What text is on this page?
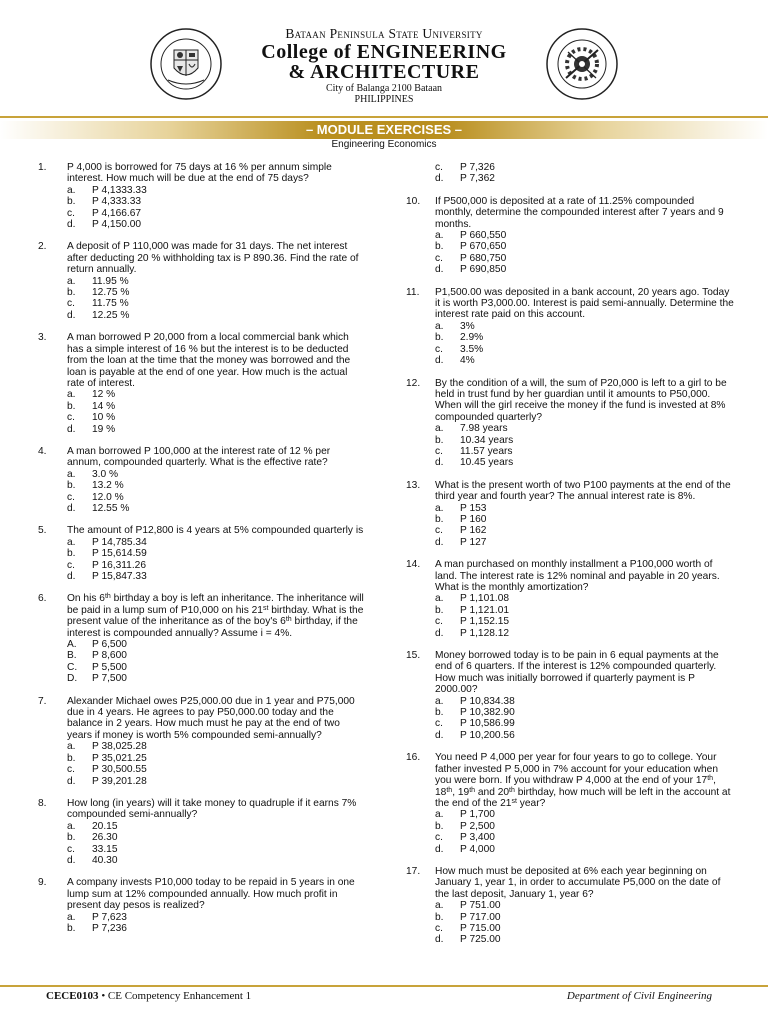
Bataan Peninsula State University
College of ENGINEERING
& ARCHITECTURE
City of Balanga 2100 Bataan
PHILIPPINES
– MODULE EXERCISES –
Engineering Economics
1.	P 4,000 is borrowed for 75 days at 16 % per annum simple interest. How much will be due at the end of 75 days?
a.	P 4,1333.33
b.	P 4,333.33
c.	P 4,166.67
d.	P 4,150.00
2.	A deposit of P 110,000 was made for 31 days. The net interest after deducting 20 % withholding tax is P 890.36. Find the rate of return annually.
a.	11.95 %
b.	12.75 %
c.	11.75 %
d.	12.25 %
3.	A man borrowed P 20,000 from a local commercial bank which has a simple interest of 16 % but the interest is to be deducted from the loan at the time that the money was borrowed and the loan is payable at the end of one year. How much is the actual rate of interest.
a.	12 %
b.	14 %
c.	10 %
d.	19 %
4.	A man borrowed P 100,000 at the interest rate of 12 % per annum, compounded quarterly. What is the effective rate?
a.	3.0 %
b.	13.2 %
c.	12.0 %
d.	12.55 %
5.	The amount of P12,800 is 4 years at 5% compounded quarterly is
a.	P 14,785.34
b.	P 15,614.59
c.	P 16,311.26
d.	P 15,847.33
6.	On his 6th birthday a boy is left an inheritance. The inheritance will be paid in a lump sum of P10,000 on his 21st birthday. What is the present value of the inheritance as of the boy's 6th birthday, if the interest is compounded annually? Assume i = 4%.
A.	P 6,500
B.	P 8,600
C.	P 5,500
D.	P 7,500
7.	Alexander Michael owes P25,000.00 due in 1 year and P75,000 due in 4 years. He agrees to pay P50,000.00 today and the balance in 2 years. How much must he pay at the end of two years if money is worth 5% compounded semi-annually?
a.	P 38,025.28
b.	P 35,021.25
c.	P 30,500.55
d.	P 39,201.28
8.	How long (in years) will it take money to quadruple if it earns 7% compounded semi-annually?
a.	20.15
b.	26.30
c.	33.15
d.	40.30
9.	A company invests P10,000 today to be repaid in 5 years in one lump sum at 12% compounded annually. How much profit in present day pesos is realized?
a.	P 7,623
b.	P 7,236
c.	P 7,326
d.	P 7,362
10.	If P500,000 is deposited at a rate of 11.25% compounded monthly, determine the compounded interest after 7 years and 9 months.
a.	P 660,550
b.	P 670,650
c.	P 680,750
d.	P 690,850
11.	P1,500.00 was deposited in a bank account, 20 years ago. Today it is worth P3,000.00. Interest is paid semi-annually. Determine the interest rate paid on this account.
a.	3%
b.	2.9%
c.	3.5%
d.	4%
12.	By the condition of a will, the sum of P20,000 is left to a girl to be held in trust fund by her guardian until it amounts to P50,000. When will the girl receive the money if the fund is invested at 8% compounded quarterly?
a.	7.98 years
b.	10.34 years
c.	11.57 years
d.	10.45 years
13.	What is the present worth of two P100 payments at the end of the third year and fourth year? The annual interest rate is 8%.
a.	P 153
b.	P 160
c.	P 162
d.	P 127
14.	A man purchased on monthly installment a P100,000 worth of land. The interest rate is 12% nominal and payable in 20 years. What is the monthly amortization?
a.	P 1,101.08
b.	P 1,121.01
c.	P 1,152.15
d.	P 1,128.12
15.	Money borrowed today is to be pain in 6 equal payments at the end of 6 quarters. If the interest is 12% compounded quarterly. How much was initially borrowed if quarterly payment is P 2000.00?
a.	P 10,834.38
b.	P 10,382.90
c.	P 10,586.99
d.	P 10,200.56
16.	You need P 4,000 per year for four years to go to college. Your father invested P 5,000 in 7% account for your education when you were born. If you withdraw P 4,000 at the end of your 17th, 18th, 19th and 20th birthday, how much will be left in the account at the end of the 21st year?
a.	P 1,700
b.	P 2,500
c.	P 3,400
d.	P 4,000
17.	How much must be deposited at 6% each year beginning on January 1, year 1, in order to accumulate P5,000 on the date of the last deposit, January 1, year 6?
a.	P 751.00
b.	P 717.00
c.	P 715.00
d.	P 725.00
CECE0103 • CE Competency Enhancement 1	Department of Civil Engineering
